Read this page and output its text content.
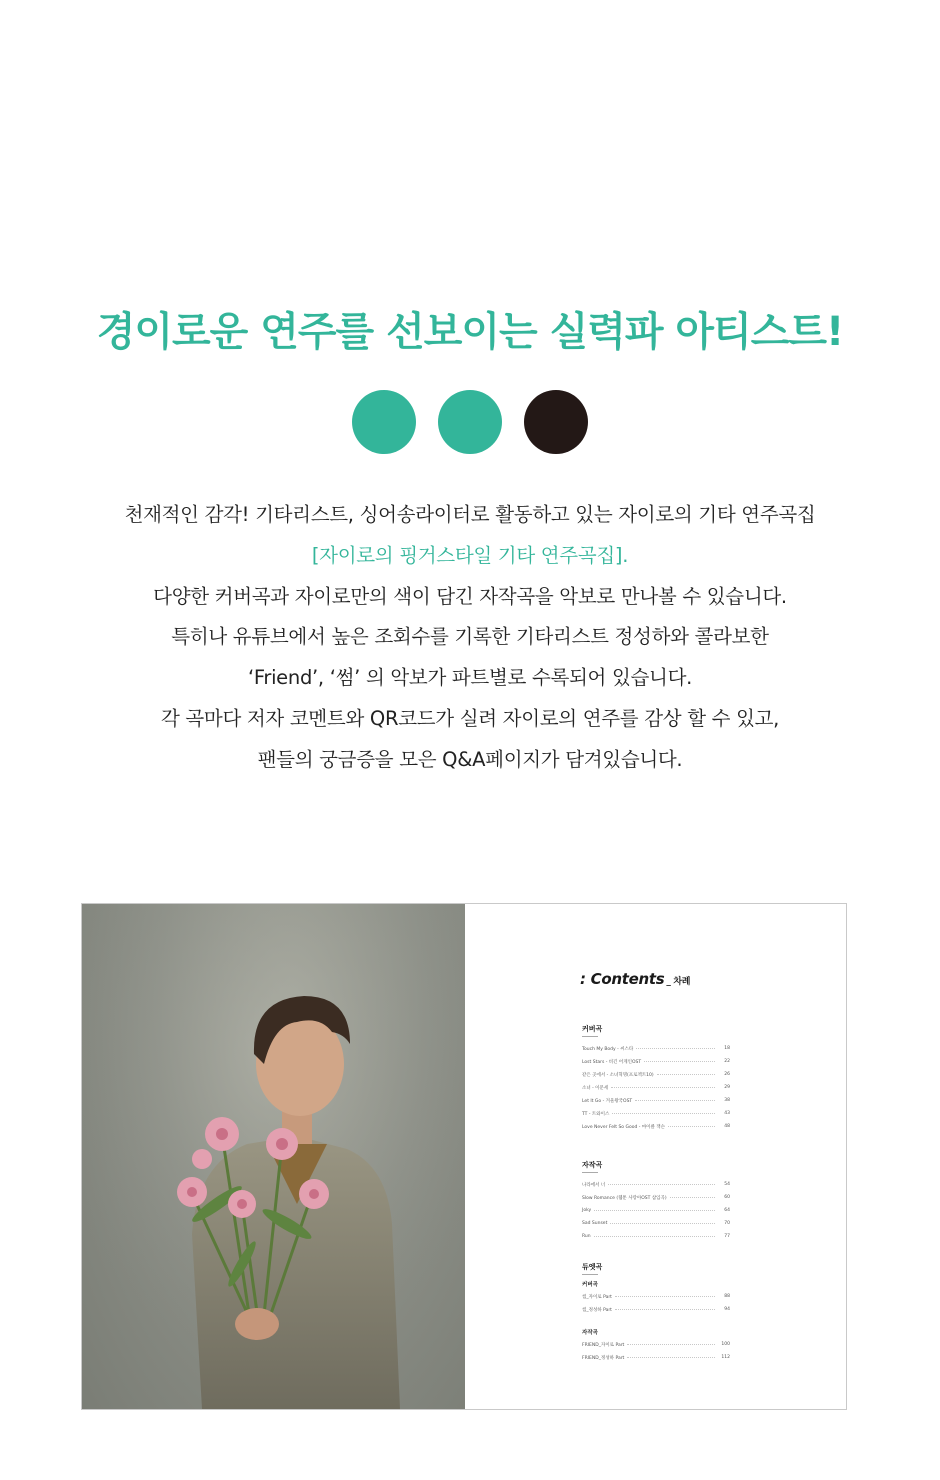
경이로운 연주를 선보이는 실력파 아티스트!

천재적인 감각! 기타리스트, 싱어송라이터로 활동하고 있는 자이로의 기타 연주곡집

[자이로의 핑거스타일 기타 연주곡집].

다양한 커버곡과 자이로만의 색이 담긴 자작곡을 악보로 만나볼 수 있습니다.

특히나 유튜브에서 높은 조회수를 기록한 기타리스트 정성하와 콜라보한

‘Friend’, ‘썸’ 의 악보가 파트별로 수록되어 있습니다.

각 곡마다 저자 코멘트와 QR코드가 실려 자이로의 연주를 감상 할 수 있고,

팬들의 궁금증을 모은 Q&A페이지가 담겨있습니다.

: Contents _ 차례
커버곡
Touch My Body - 씨스타	18
Lost Stars - 비긴 어게인OST	22
같은 곳에서 - 소녀혁명(프로젝트10)	26
소녀 - 이문세	29
Let It Go - 겨울왕국OST	38
TT - 트와이스	43
Love Never Felt So Good - 마이클 잭슨	48
자작곡
나라에서 너	54
Slow Romance (웹툰 사랑아OST 삽입곡)	60
Joky	64
Sad Sunset	70
Run	77
듀엣곡
커버곡
썸_자이로 Part	88
썸_정성하 Part	94
자작곡
FRIEND_자이로 Part	100
FRIEND_정성하 Part	112
